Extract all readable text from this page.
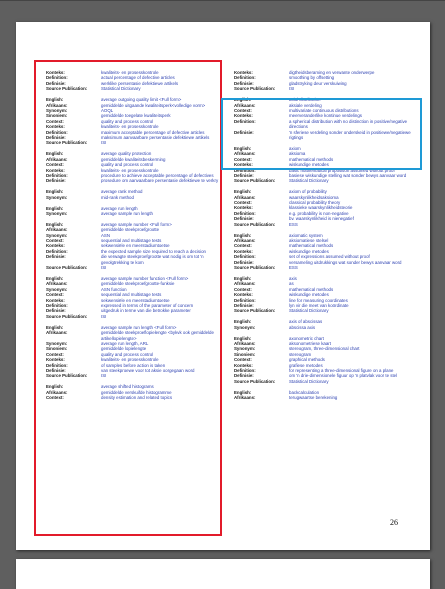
Konteks:	kwaliteits- en prosesskontrole
Definition:	actual percentage of defective articles
Definisie:	werklike persentasie defektiewe artikels
Source Publication:	Statistical Dictionary
English:	average outgoing quality limit <Full form>
Afrikaans:	gemiddelde uitgaande kwaliteitsperk<volledige vorm>
Synonym:	AOQL
Sinoniem:	gemiddelde toegelate kwaliteitsperk
Context:	quality and process control
Konteks:	kwaliteits- en prosesskontrole
Definition:	maximum acceptable percentage of defective articles
Definisie:	maksimum aanvaarbare persentasie defektiewe artikels
Source Publication:	ISI
English:	average quality protection
Afrikaans:	gemiddelde kwaliteitsbeskerming
Context:	quality and process control
Konteks:	kwaliteits- en prosesskontrole
Definition:	procedure to achieve acceptable percentage of defectives
Definisie:	prosedure om aanvaarbare persentasie defektiewe te verkry
English:	average rank method
Synonym:	mid-rank method
English:	average run length
Synonym:	average sample run length
English:	average sample number <Full form>
Afrikaans:	gemiddelde steekproefgrootte
Synonym:	ASN
Context:	sequential and multistage tests
Konteks:	sekwensiële en meerstadiumtoetse
Definition:	the expected sample size required to reach a decision
Definisie:	die verwagte steekproefgrootte wat nodig is om tot 'n gevolgtrekking te kom
Source Publication:	ISI
English:	average sample number function <Full form>
Afrikaans:	gemiddelde steekproefgrootte-funksie
Synonym:	ASN function
Context:	sequential and multistage tests
Konteks:	sekwensiële en meerstadiumtoetse
Definition:	expressed in terms of the parameter of concern
Definisie:	uitgedruk in terme van die betrokke parameter
Source Publication:	ISI
English:	average sample run length <Full form>
Afrikaans:	gemiddelde steekproeflopielengte <bykvk ook gemiddelde artikellopielengte>
Synonym:	average run length, ARL
Sinoniem:	gemiddelde lopielengte
Context:	quality and process control
Konteks:	kwaliteits- en prosesskontrole
Definition:	of samples before action is taken
Definisie:	van steekproewe voor tot aksie oorgegaan word
Source Publication:	ISI
English:	average shifted histograms
Afrikaans:	gemiddelde verskuifde histogramme
Context:	density estimation and related topics
Konteks:	digtheidsberaming en verwante onderwerpe
Definition:	smoothing by offsetting
Definisie:	gladstryking deur verskuiwing
Source Publication:	ISI
English:	axial distribution
Afrikaans:	aksiale verdeling
Context:	multivariate continuous distributions
Konteks:	meerveranderlike kontinue verdelings
Definition:	a spherical distribution with no distinction in positive/negative directions
Definisie:	'n sferiese verdeling sonder onderskeid in positiewe/negatiewe rigtings
English:	axiom
Afrikaans:	aksioma
Context:	mathematical methods
Konteks:	wiskundige metodes
Definition:	basic mathematical proposition assumed without proof
Definisie:	basiese wiskundige stelling wat sonder bewys aanvaar word
Source Publication:	Statistical Dictionary
English:	axiom of probability
Afrikaans:	waarskynlikheidsaksioma
Context:	classical probability theory
Konteks:	klassieke waarskynlikheidsteorie
Definition:	e.g. probability is non-negative
Definisie:	bv. waarskynlikheid is nienegatief
Source Publication:	ESS
English:	axiomatic system
Afrikaans:	aksiomatiese stelsel
Context:	mathematical methods
Konteks:	wiskundige metodes
Definition:	set of expressions assumed without proof
Definisie:	versameling uitdrukkings wat sonder bewys aanvaar word
Source Publication:	ESS
English:	axis
Afrikaans:	as
Context:	mathematical methods
Konteks:	wiskundige metodes
Definition:	line for measuring coordinates
Definisie:	lyn vir die meet van koördinate
Source Publication:	Statistical Dictionary
English:	axis of abscissas
Synonym:	abscissa axis
English:	axonometric chart
Afrikaans:	aksonometriese kaart
Synonym:	stereogram, three-dimensional chart
Sinoniem:	stereogram
Context:	graphical methods
Konteks:	grafiese metodes
Definition:	for representing a three-dimensional figure on a plane
Definisie:	om 'n drie-dimensionele figuur op 'n platvlak voor te stel
Source Publication:	Statistical Dictionary
English:	backcalculation
Afrikaans:	terugwaartse berekening
26
